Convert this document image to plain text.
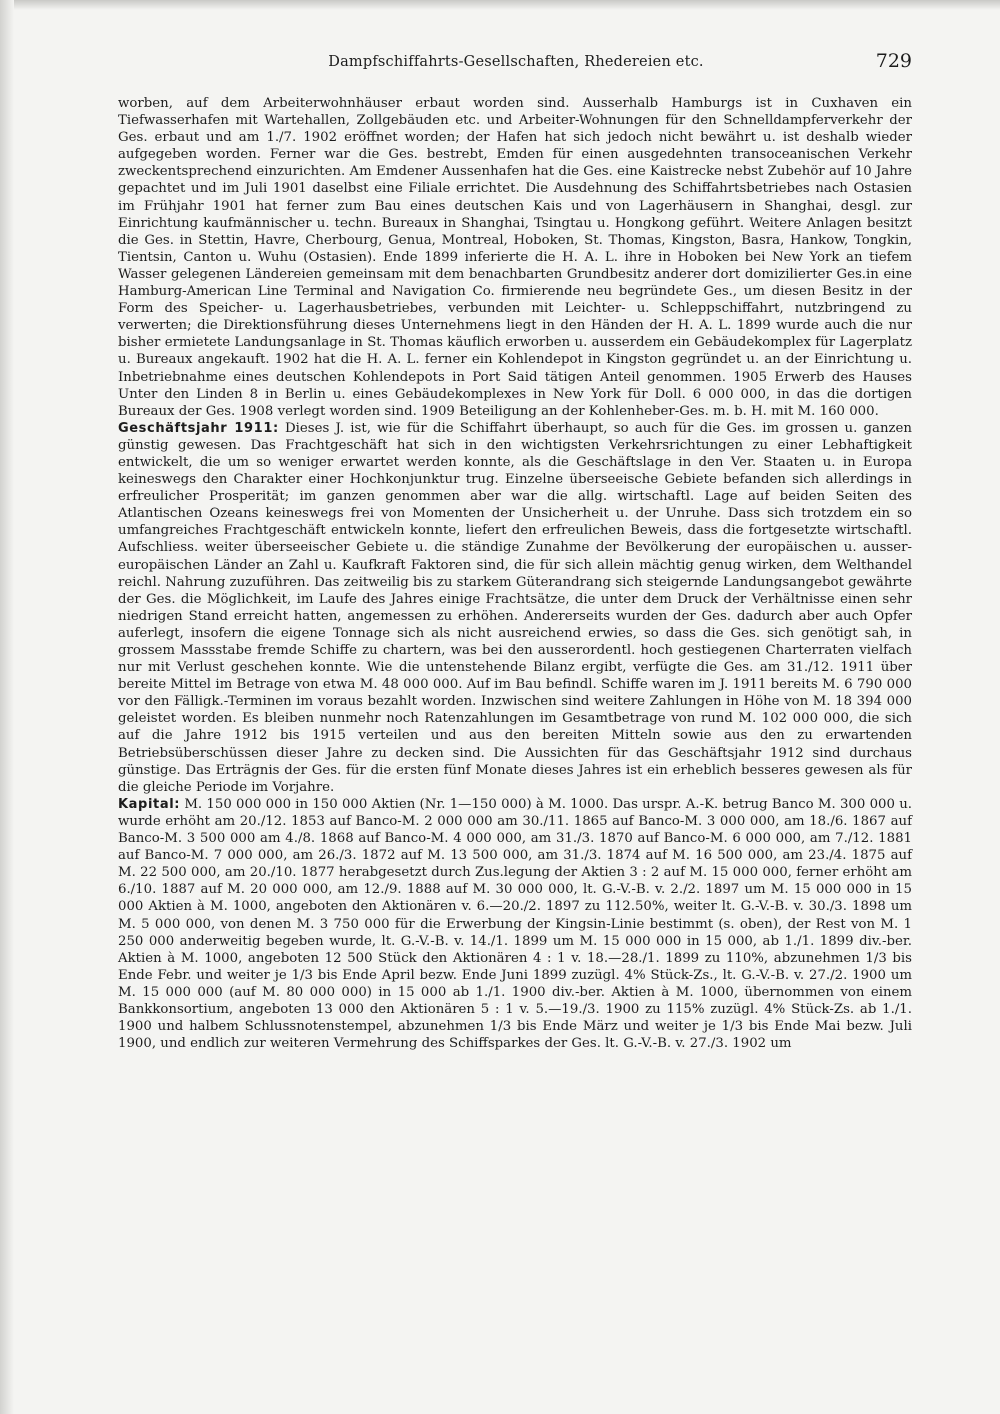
Dampfschiffahrts-Gesellschaften, Rhedereien etc.	729

worben, auf dem Arbeiterwohnhäuser erbaut worden sind. Ausserhalb Hamburgs ist in Cuxhaven ein Tiefwasserhafen mit Wartehallen, Zollgebäuden etc. und Arbeiter-Wohnungen für den Schnelldampferverkehr der Ges. erbaut und am 1./7. 1902 eröffnet worden; der Hafen hat sich jedoch nicht bewährt u. ist deshalb wieder aufgegeben worden. Ferner war die Ges. bestrebt, Emden für einen ausgedehnten transoceanischen Verkehr zweckentsprechend einzurichten. Am Emdener Aussenhafen hat die Ges. eine Kaistrecke nebst Zubehör auf 10 Jahre gepachtet und im Juli 1901 daselbst eine Filiale errichtet. Die Ausdehnung des Schiffahrtsbetriebes nach Ostasien im Frühjahr 1901 hat ferner zum Bau eines deutschen Kais und von Lagerhäusern in Shanghai, desgl. zur Einrichtung kaufmännischer u. techn. Bureaux in Shanghai, Tsingtau u. Hongkong geführt. Weitere Anlagen besitzt die Ges. in Stettin, Havre, Cherbourg, Genua, Montreal, Hoboken, St. Thomas, Kingston, Basra, Hankow, Tongkin, Tientsin, Canton u. Wuhu (Ostasien). Ende 1899 inferierte die H. A. L. ihre in Hoboken bei New York an tiefem Wasser gelegenen Ländereien gemeinsam mit dem benachbarten Grundbesitz anderer dort domizilierter Ges.in eine Hamburg-American Line Terminal and Navigation Co. firmierende neu begründete Ges., um diesen Besitz in der Form des Speicher- u. Lagerhausbetriebes, verbunden mit Leichter- u. Schleppschiffahrt, nutzbringend zu verwerten; die Direktionsführung dieses Unternehmens liegt in den Händen der H. A. L. 1899 wurde auch die nur bisher ermietete Landungsanlage in St. Thomas käuflich erworben u. ausserdem ein Gebäudekomplex für Lagerplatz u. Bureaux angekauft. 1902 hat die H. A. L. ferner ein Kohlendepot in Kingston gegründet u. an der Einrichtung u. Inbetriebnahme eines deutschen Kohlendepots in Port Said tätigen Anteil genommen. 1905 Erwerb des Hauses Unter den Linden 8 in Berlin u. eines Gebäudekomplexes in New York für Doll. 6 000 000, in das die dortigen Bureaux der Ges. 1908 verlegt worden sind. 1909 Beteiligung an der Kohlenheber-Ges. m. b. H. mit M. 160 000.

Geschäftsjahr 1911: Dieses J. ist, wie für die Schiffahrt überhaupt, so auch für die Ges. im grossen u. ganzen günstig gewesen. Das Frachtgeschäft hat sich in den wichtigsten Verkehrsrichtungen zu einer Lebhaftigkeit entwickelt, die um so weniger erwartet werden konnte, als die Geschäftslage in den Ver. Staaten u. in Europa keineswegs den Charakter einer Hochkonjunktur trug. Einzelne überseeische Gebiete befanden sich allerdings in erfreulicher Prosperität; im ganzen genommen aber war die allg. wirtschaftl. Lage auf beiden Seiten des Atlantischen Ozeans keineswegs frei von Momenten der Unsicherheit u. der Unruhe. Dass sich trotzdem ein so umfangreiches Frachtgeschäft entwickeln konnte, liefert den erfreulichen Beweis, dass die fortgesetzte wirtschaftl. Aufschliess. weiter überseeischer Gebiete u. die ständige Zunahme der Bevölkerung der europäischen u. ausser-europäischen Länder an Zahl u. Kaufkraft Faktoren sind, die für sich allein mächtig genug wirken, dem Welthandel reichl. Nahrung zuzuführen. Das zeitweilig bis zu starkem Güterandrang sich steigernde Landungsangebot gewährte der Ges. die Möglichkeit, im Laufe des Jahres einige Frachtsätze, die unter dem Druck der Verhältnisse einen sehr niedrigen Stand erreicht hatten, angemessen zu erhöhen. Andererseits wurden der Ges. dadurch aber auch Opfer auferlegt, insofern die eigene Tonnage sich als nicht ausreichend erwies, so dass die Ges. sich genötigt sah, in grossem Massstabe fremde Schiffe zu chartern, was bei den ausserordentl. hoch gestiegenen Charterraten vielfach nur mit Verlust geschehen konnte. Wie die untenstehende Bilanz ergibt, verfügte die Ges. am 31./12. 1911 über bereite Mittel im Betrage von etwa M. 48 000 000. Auf im Bau befindl. Schiffe waren im J. 1911 bereits M. 6 790 000 vor den Fälligk.-Terminen im voraus bezahlt worden. Inzwischen sind weitere Zahlungen in Höhe von M. 18 394 000 geleistet worden. Es bleiben nunmehr noch Ratenzahlungen im Gesamtbetrage von rund M. 102 000 000, die sich auf die Jahre 1912 bis 1915 verteilen und aus den bereiten Mitteln sowie aus den zu erwartenden Betriebsüberschüssen dieser Jahre zu decken sind. Die Aussichten für das Geschäftsjahr 1912 sind durchaus günstige. Das Erträgnis der Ges. für die ersten fünf Monate dieses Jahres ist ein erheblich besseres gewesen als für die gleiche Periode im Vorjahre.

Kapital: M. 150 000 000 in 150 000 Aktien (Nr. 1—150 000) à M. 1000. Das urspr. A.-K. betrug Banco M. 300 000 u. wurde erhöht am 20./12. 1853 auf Banco-M. 2 000 000 am 30./11. 1865 auf Banco-M. 3 000 000, am 18./6. 1867 auf Banco-M. 3 500 000 am 4./8. 1868 auf Banco-M. 4 000 000, am 31./3. 1870 auf Banco-M. 6 000 000, am 7./12. 1881 auf Banco-M. 7 000 000, am 26./3. 1872 auf M. 13 500 000, am 31./3. 1874 auf M. 16 500 000, am 23./4. 1875 auf M. 22 500 000, am 20./10. 1877 herabgesetzt durch Zus.legung der Aktien 3 : 2 auf M. 15 000 000, ferner erhöht am 6./10. 1887 auf M. 20 000 000, am 12./9. 1888 auf M. 30 000 000, lt. G.-V.-B. v. 2./2. 1897 um M. 15 000 000 in 15 000 Aktien à M. 1000, angeboten den Aktionären v. 6.—20./2. 1897 zu 112.50%, weiter lt. G.-V.-B. v. 30./3. 1898 um M. 5 000 000, von denen M. 3 750 000 für die Erwerbung der Kingsin-Linie bestimmt (s. oben), der Rest von M. 1 250 000 anderweitig begeben wurde, lt. G.-V.-B. v. 14./1. 1899 um M. 15 000 000 in 15 000, ab 1./1. 1899 div.-ber. Aktien à M. 1000, angeboten 12 500 Stück den Aktionären 4 : 1 v. 18.—28./1. 1899 zu 110%, abzunehmen 1/3 bis Ende Febr. und weiter je 1/3 bis Ende April bezw. Ende Juni 1899 zuzügl. 4% Stück-Zs., lt. G.-V.-B. v. 27./2. 1900 um M. 15 000 000 (auf M. 80 000 000) in 15 000 ab 1./1. 1900 div.-ber. Aktien à M. 1000, übernommen von einem Bankkonsortium, angeboten 13 000 den Aktionären 5 : 1 v. 5.—19./3. 1900 zu 115% zuzügl. 4% Stück-Zs. ab 1./1. 1900 und halbem Schlussnotenstempel, abzunehmen 1/3 bis Ende März und weiter je 1/3 bis Ende Mai bezw. Juli 1900, und endlich zur weiteren Vermehrung des Schiffsparkes der Ges. lt. G.-V.-B. v. 27./3. 1902 um
